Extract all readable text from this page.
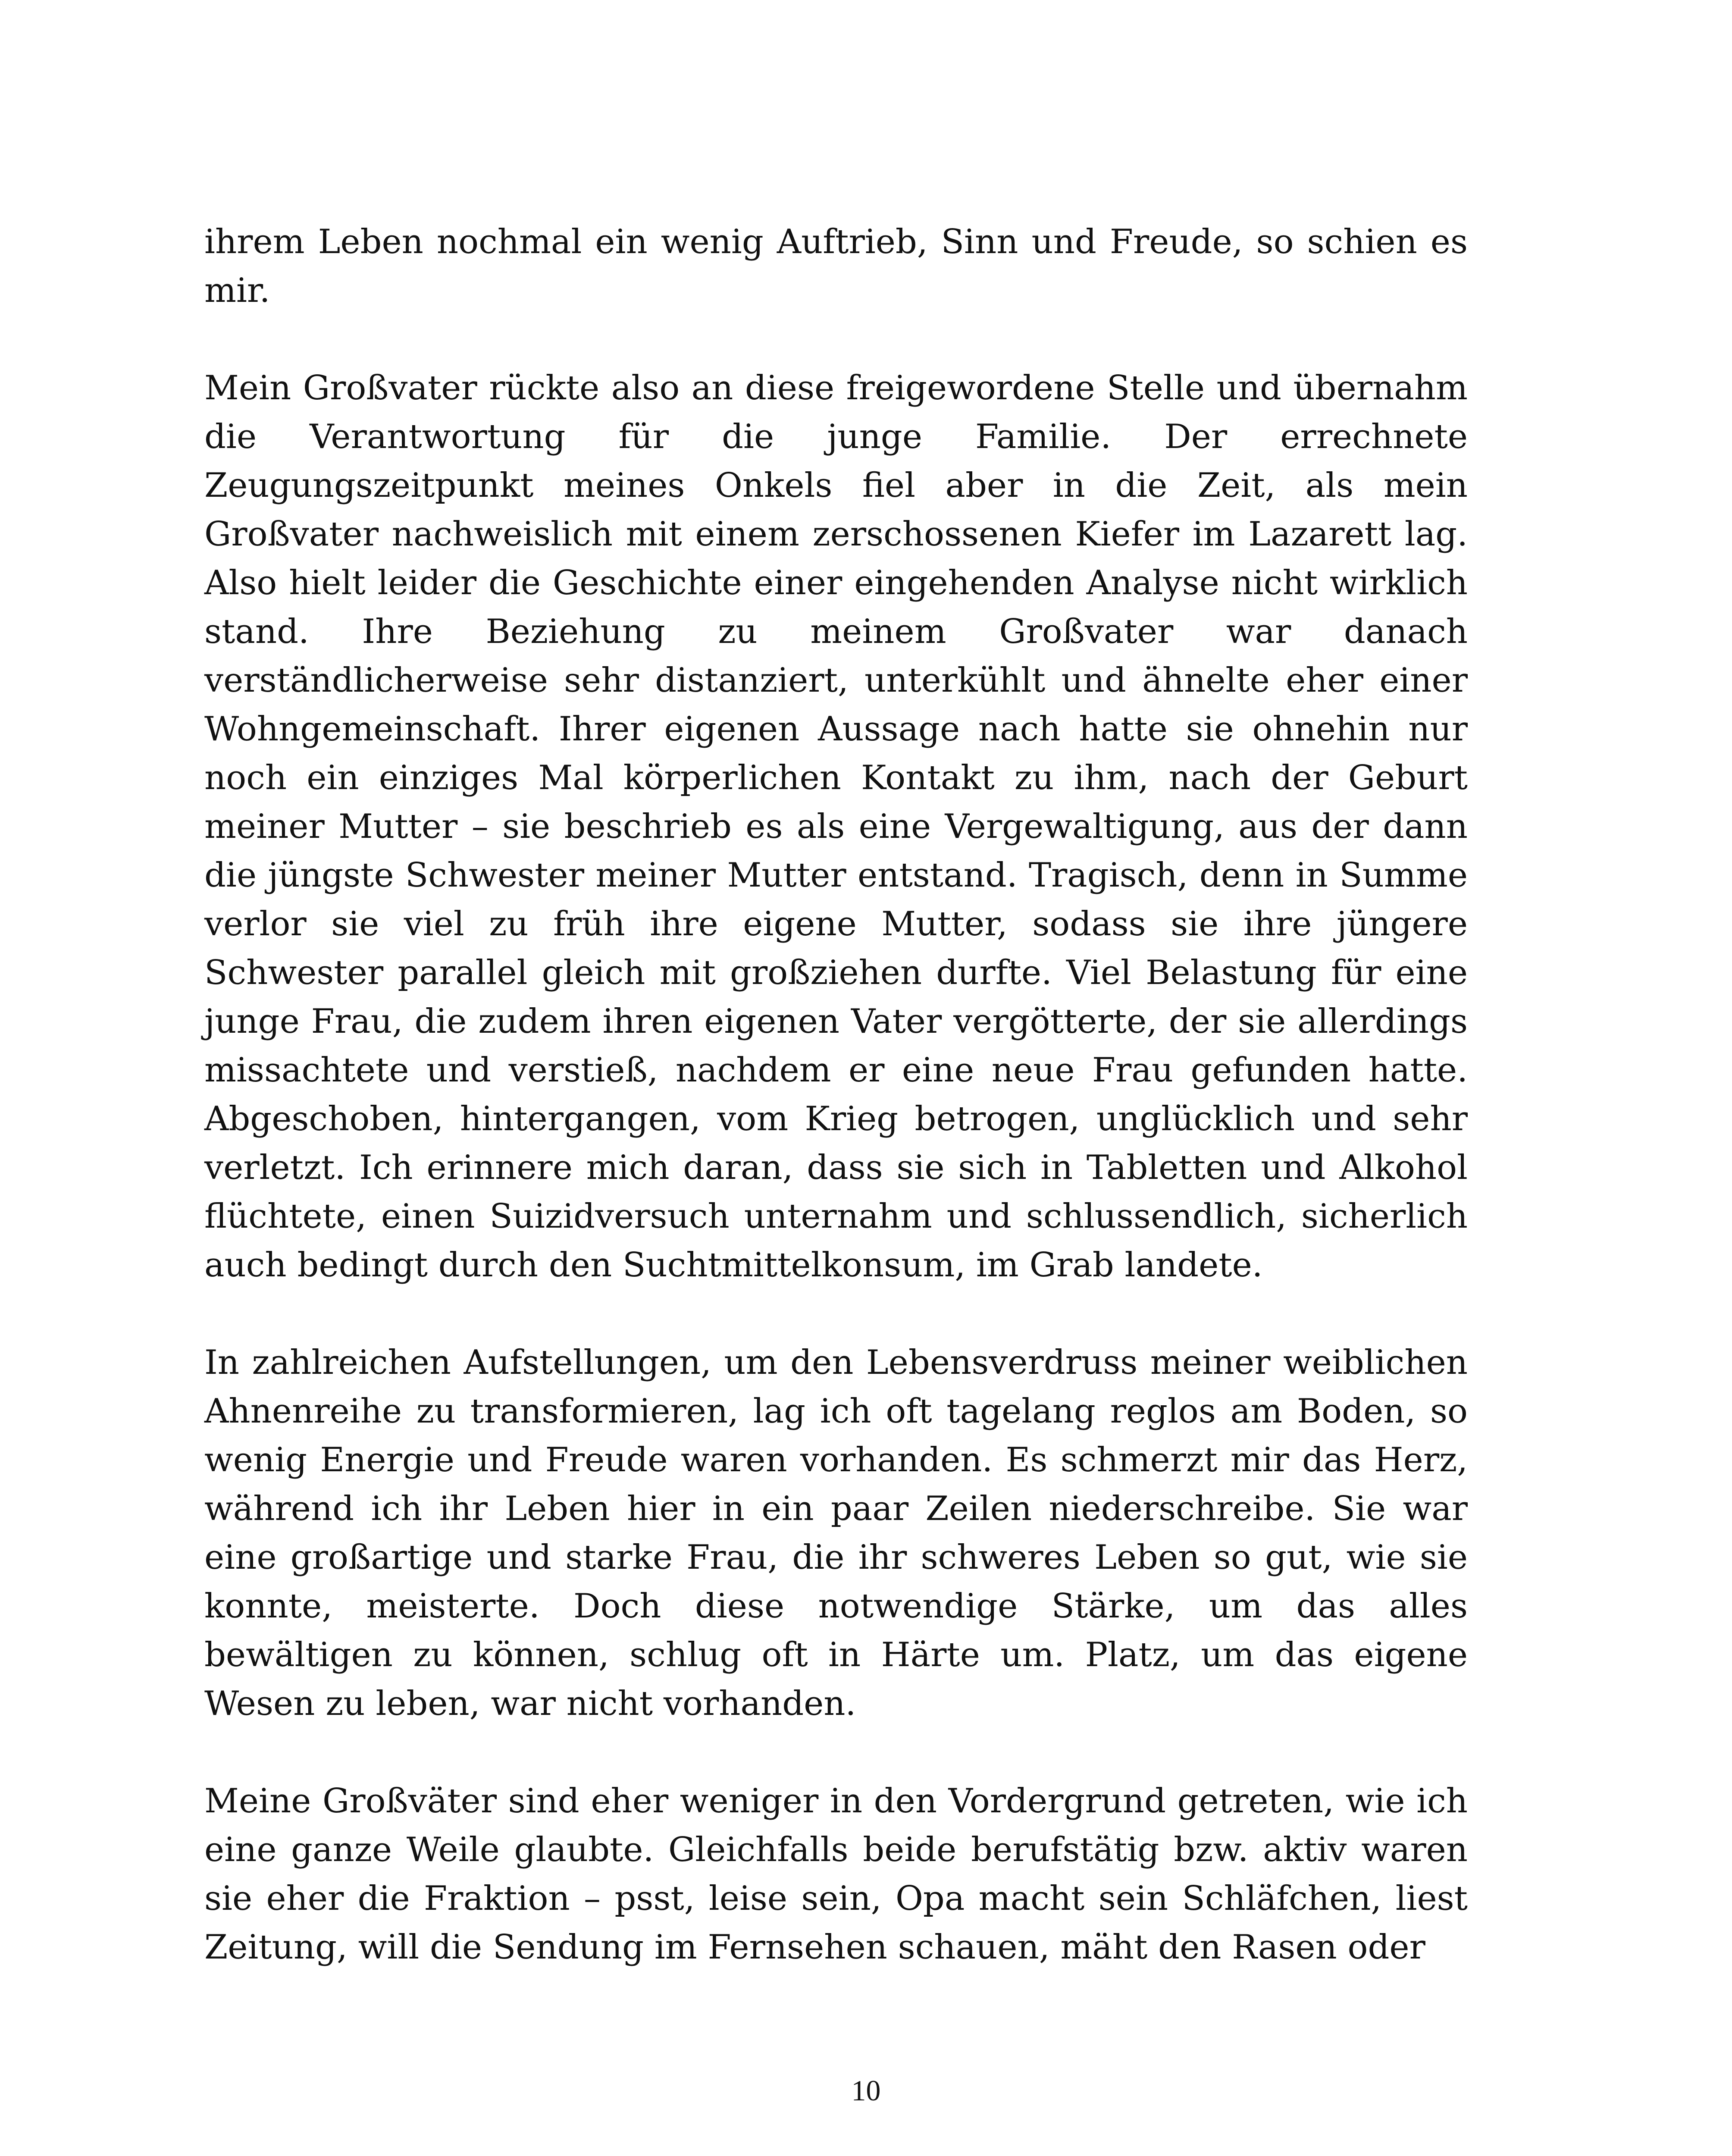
ihrem Leben nochmal ein wenig Auftrieb, Sinn und Freude, so schien es mir.

Mein Großvater rückte also an diese freigewordene Stelle und übernahm die Verantwortung für die junge Familie. Der errechnete Zeugungszeitpunkt meines Onkels fiel aber in die Zeit, als mein Großvater nachweislich mit einem zerschossenen Kiefer im Lazarett lag. Also hielt leider die Geschichte einer eingehenden Analyse nicht wirklich stand. Ihre Beziehung zu meinem Großvater war danach verständlicherweise sehr distanziert, unterkühlt und ähnelte eher einer Wohngemeinschaft. Ihrer eigenen Aussage nach hatte sie ohnehin nur noch ein einziges Mal körperlichen Kontakt zu ihm, nach der Geburt meiner Mutter – sie beschrieb es als eine Vergewaltigung, aus der dann die jüngste Schwester meiner Mutter entstand. Tragisch, denn in Summe verlor sie viel zu früh ihre eigene Mutter, sodass sie ihre jüngere Schwester parallel gleich mit großziehen durfte. Viel Belastung für eine junge Frau, die zudem ihren eigenen Vater vergötterte, der sie allerdings missachtete und verstieß, nachdem er eine neue Frau gefunden hatte. Abgeschoben, hintergangen, vom Krieg betrogen, unglücklich und sehr verletzt. Ich erinnere mich daran, dass sie sich in Tabletten und Alkohol flüchtete, einen Suizidversuch unternahm und schlussendlich, sicherlich auch bedingt durch den Suchtmittelkonsum, im Grab landete.

In zahlreichen Aufstellungen, um den Lebensverdruss meiner weiblichen Ahnenreihe zu transformieren, lag ich oft tagelang reglos am Boden, so wenig Energie und Freude waren vorhanden. Es schmerzt mir das Herz, während ich ihr Leben hier in ein paar Zeilen niederschreibe. Sie war eine großartige und starke Frau, die ihr schweres Leben so gut, wie sie konnte, meisterte. Doch diese notwendige Stärke, um das alles bewältigen zu können, schlug oft in Härte um. Platz, um das eigene Wesen zu leben, war nicht vorhanden.

Meine Großväter sind eher weniger in den Vordergrund getreten, wie ich eine ganze Weile glaubte. Gleichfalls beide berufstätig bzw. aktiv waren sie eher die Fraktion – psst, leise sein, Opa macht sein Schläfchen, liest Zeitung, will die Sendung im Fernsehen schauen, mäht den Rasen oder

10
